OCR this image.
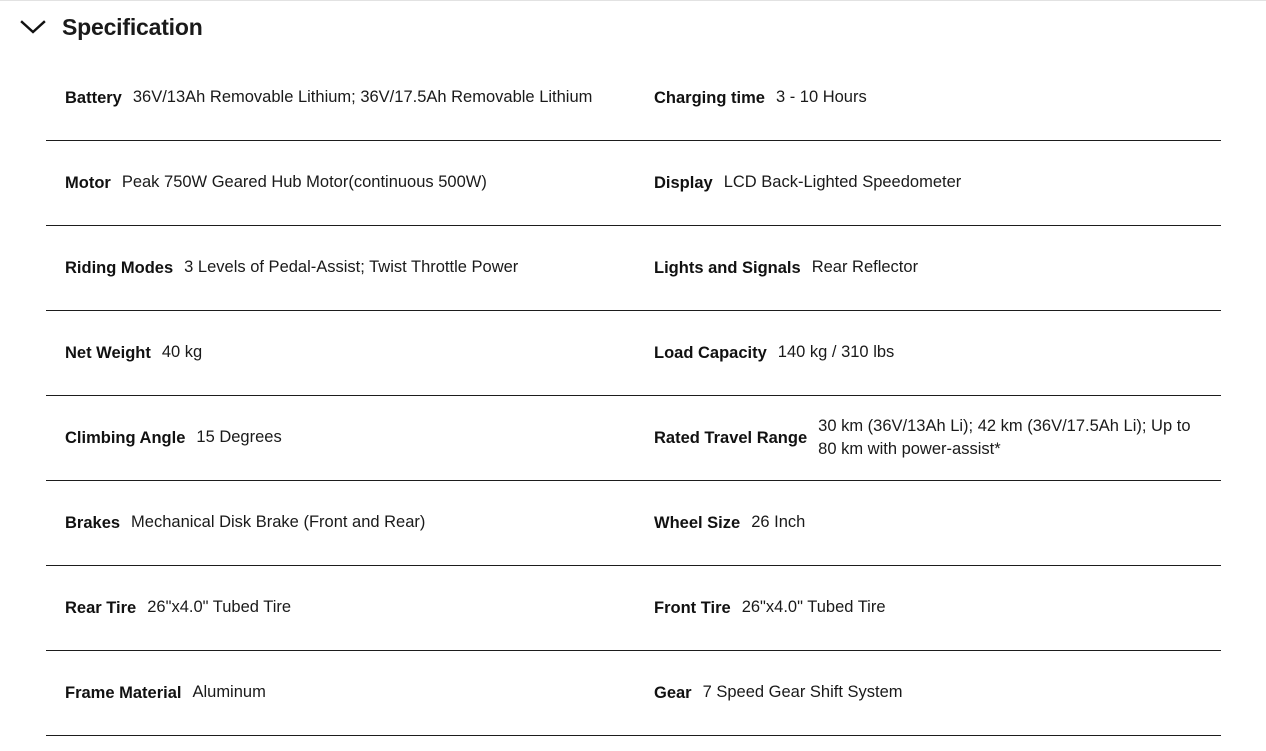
Specification
Battery 36V/13Ah Removable Lithium; 36V/17.5Ah Removable Lithium	Charging time 3 - 10 Hours
Motor Peak 750W Geared Hub Motor(continuous 500W)	Display LCD Back-Lighted Speedometer
Riding Modes 3 Levels of Pedal-Assist; Twist Throttle Power	Lights and Signals Rear Reflector
Net Weight 40 kg	Load Capacity 140 kg / 310 lbs
Climbing Angle 15 Degrees	Rated Travel Range
30 km (36V/13Ah Li); 42 km (36V/17.5Ah Li); Up to 80 km with power-assist*
Brakes Mechanical Disk Brake (Front and Rear)	Wheel Size 26 Inch
Rear Tire 26"x4.0" Tubed Tire	Front Tire 26"x4.0" Tubed Tire
Frame Material Aluminum	Gear 7 Speed Gear Shift System
